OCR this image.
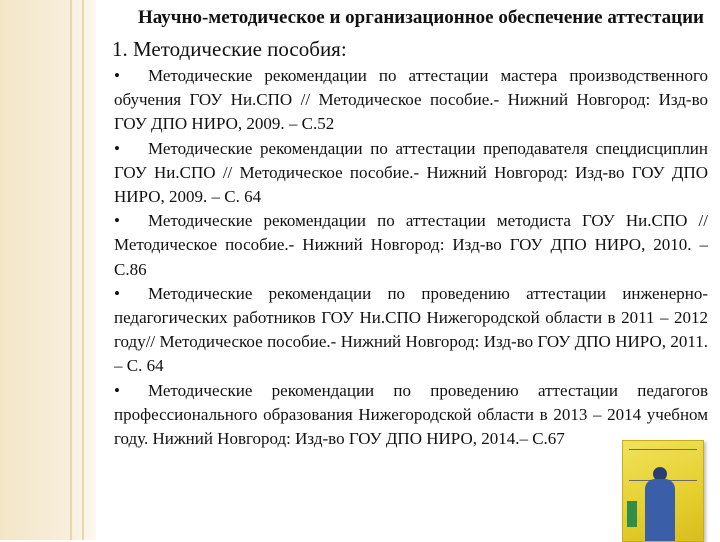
Научно-методическое и организационное обеспечение аттестации
1. Методические пособия:
• Методические рекомендации по аттестации мастера производственного обучения ГОУ Ни.СПО // Методическое пособие.- Нижний Новгород: Изд-во ГОУ ДПО НИРО, 2009. – С.52
• Методические рекомендации по аттестации преподавателя спецдисциплин ГОУ Ни.СПО // Методическое пособие.- Нижний Новгород: Изд-во ГОУ ДПО НИРО, 2009. – С. 64
• Методические рекомендации по аттестации методиста ГОУ Ни.СПО // Методическое пособие.- Нижний Новгород: Изд-во ГОУ ДПО НИРО, 2010. – С.86
• Методические рекомендации по проведению аттестации инженерно-педагогических работников ГОУ Ни.СПО Нижегородской области в 2011 – 2012 году// Методическое пособие.- Нижний Новгород: Изд-во ГОУ ДПО НИРО, 2011. – С. 64
• Методические рекомендации по проведению аттестации педагогов профессионального образования Нижегородской области в 2013 – 2014 учебном году. Нижний Новгород: Изд-во ГОУ ДПО НИРО, 2014.– С.67
